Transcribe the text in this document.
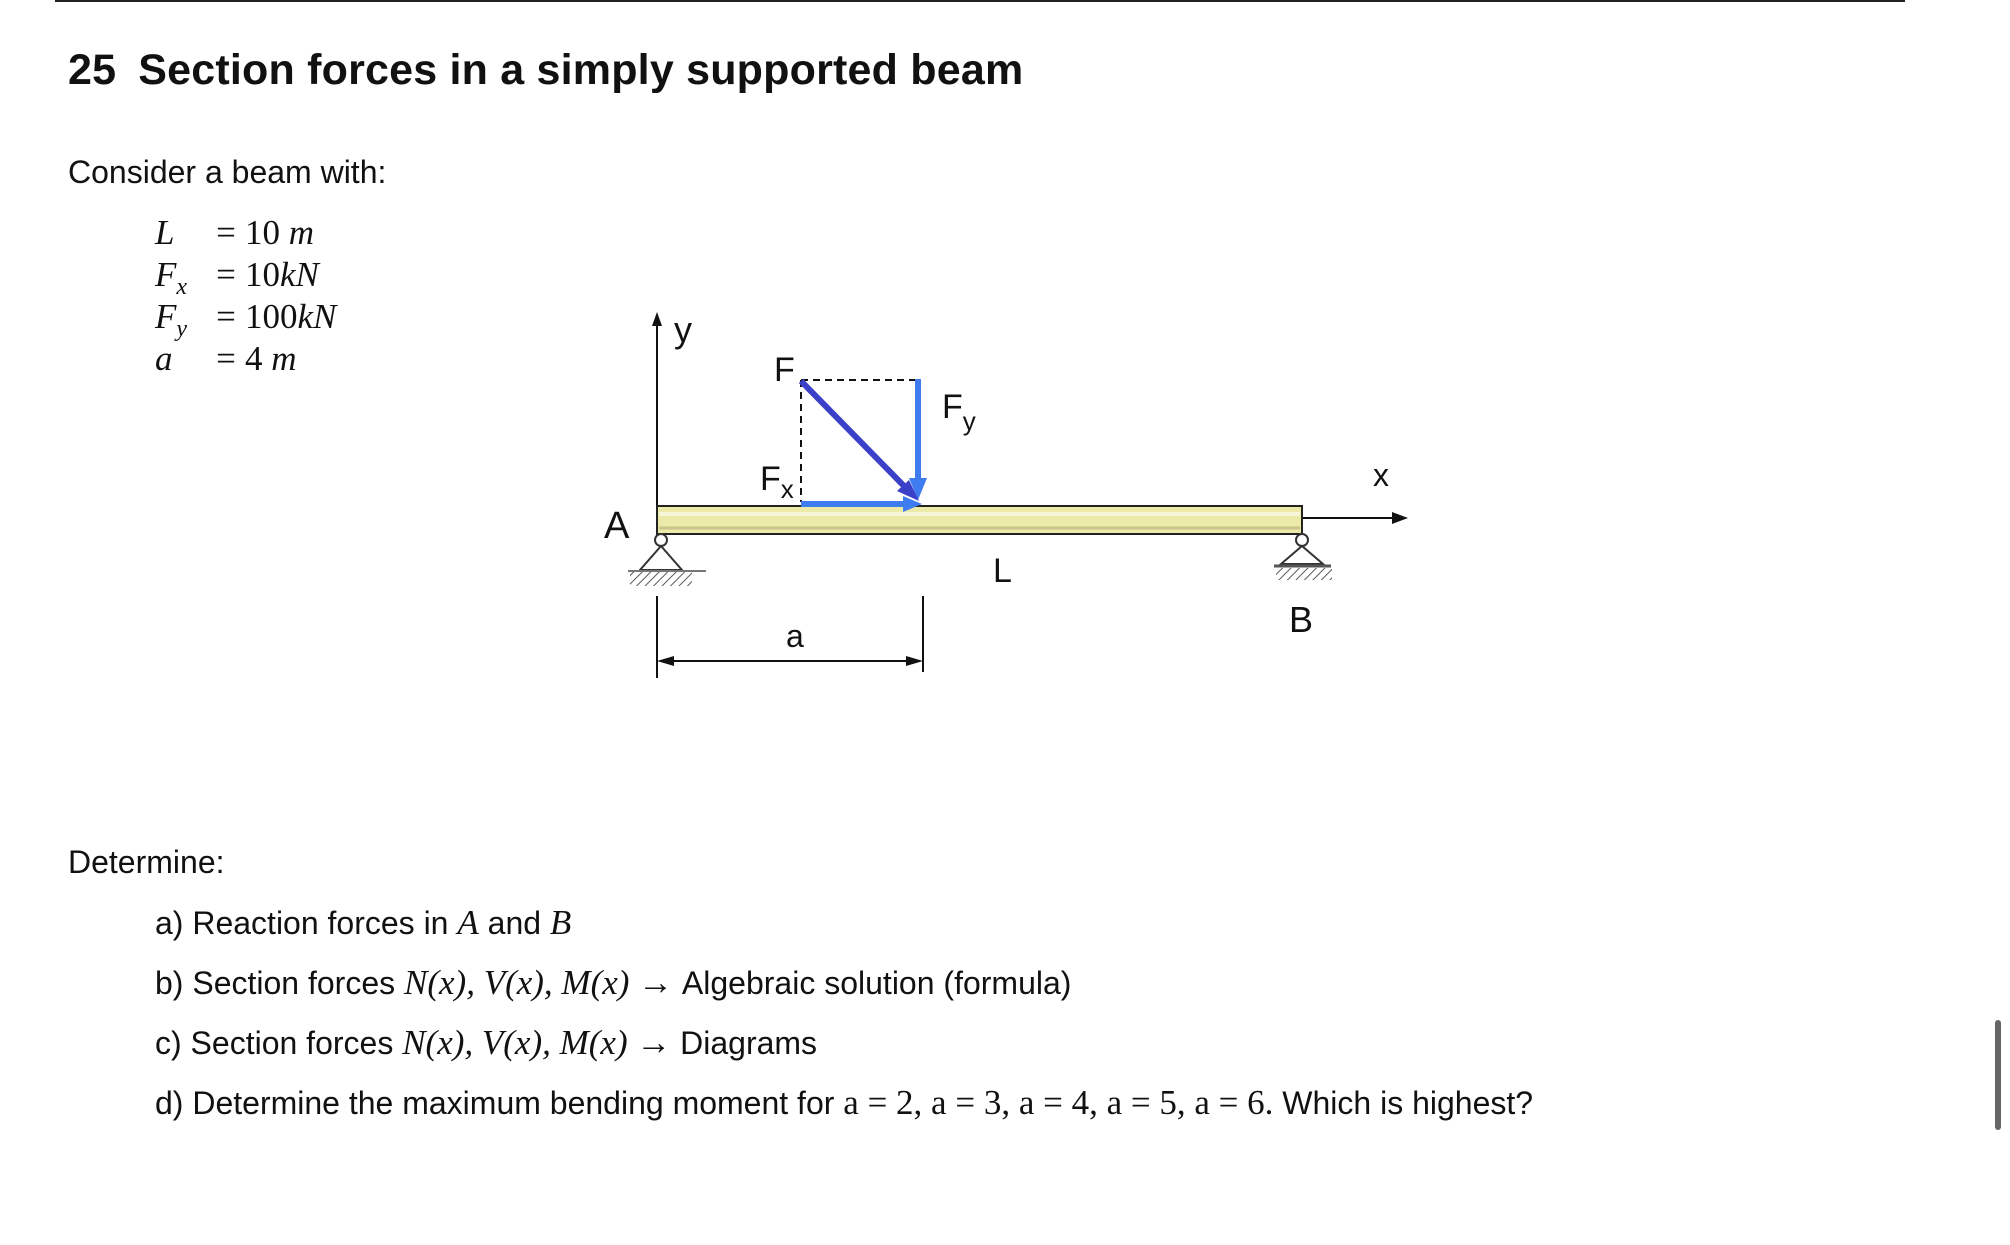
25 Section forces in a simply supported beam
Consider a beam with:
L = 10 m
$F_x = 10kN$
$F_y = 100kN$
a = 4 m
y
x
A
B
L
a
F
$F_x$
$F_y$
Determine:
a) Reaction forces in A and B
b) Section forces N(x), V(x), M(x) → Algebraic solution (formula)
c) Section forces N(x), V(x), M(x) → Diagrams
d) Determine the maximum bending moment for a = 2, a = 3, a = 4, a = 5, a = 6. Which is highest?
